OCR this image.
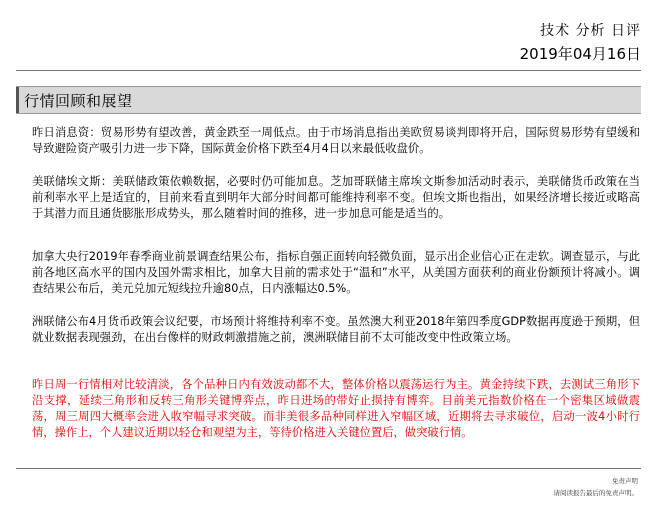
技术 分析 日评
2019年04月16日
行情回顾和展望

昨日消息资：贸易形势有望改善，黄金跌至一周低点。由于市场消息指出美欧贸易谈判即将开启，国际贸易形势有望缓和导致避险资产吸引力进一步下降，国际黄金价格下跌至4月4日以来最低收盘价。

美联储埃文斯：美联储政策依赖数据，必要时仍可能加息。芝加哥联储主席埃文斯参加活动时表示，美联储货币政策在当前利率水平上是适宜的，目前来看直到明年大部分时间都可能维持利率不变。但埃文斯也指出，如果经济增长接近或略高于其潜力而且通货膨胀形成势头，那么随着时间的推移，进一步加息可能是适当的。

加拿大央行2019年春季商业前景调查结果公布，指标自强正面转向轻微负面，显示出企业信心正在走软。调查显示，与此前各地区高水平的国内及国外需求相比，加拿大目前的需求处于“温和”水平，从美国方面获利的商业份额预计将减小。调查结果公布后，美元兑加元短线拉升逾80点，日内涨幅达0.5%。

洲联储公布4月货币政策会议纪要，市场预计将维持利率不变。虽然澳大利亚2018年第四季度GDP数据再度逊于预期，但就业数据表现强劲，在出台像样的财政刺激措施之前，澳洲联储目前不太可能改变中性政策立场。

昨日周一行情相对比较清淡，各个品种日内有效波动都不大，整体价格以震荡运行为主。黄金持续下跌，去测试三角形下沿支撑，延续三角形和反转三角形关键博弈点，昨日进场的带好止损持有博弈。目前美元指数价格在一个密集区域做震荡，周三周四大概率会进入收窄幅寻求突破。而非美很多品种同样进入窄幅区域，近期将去寻求破位，启动一波4小时行情，操作上，个人建议近期以轻仓和观望为主，等待价格进入关键位置后，做突破行情。

免责声明
请阅读报告最后的免责声明。
